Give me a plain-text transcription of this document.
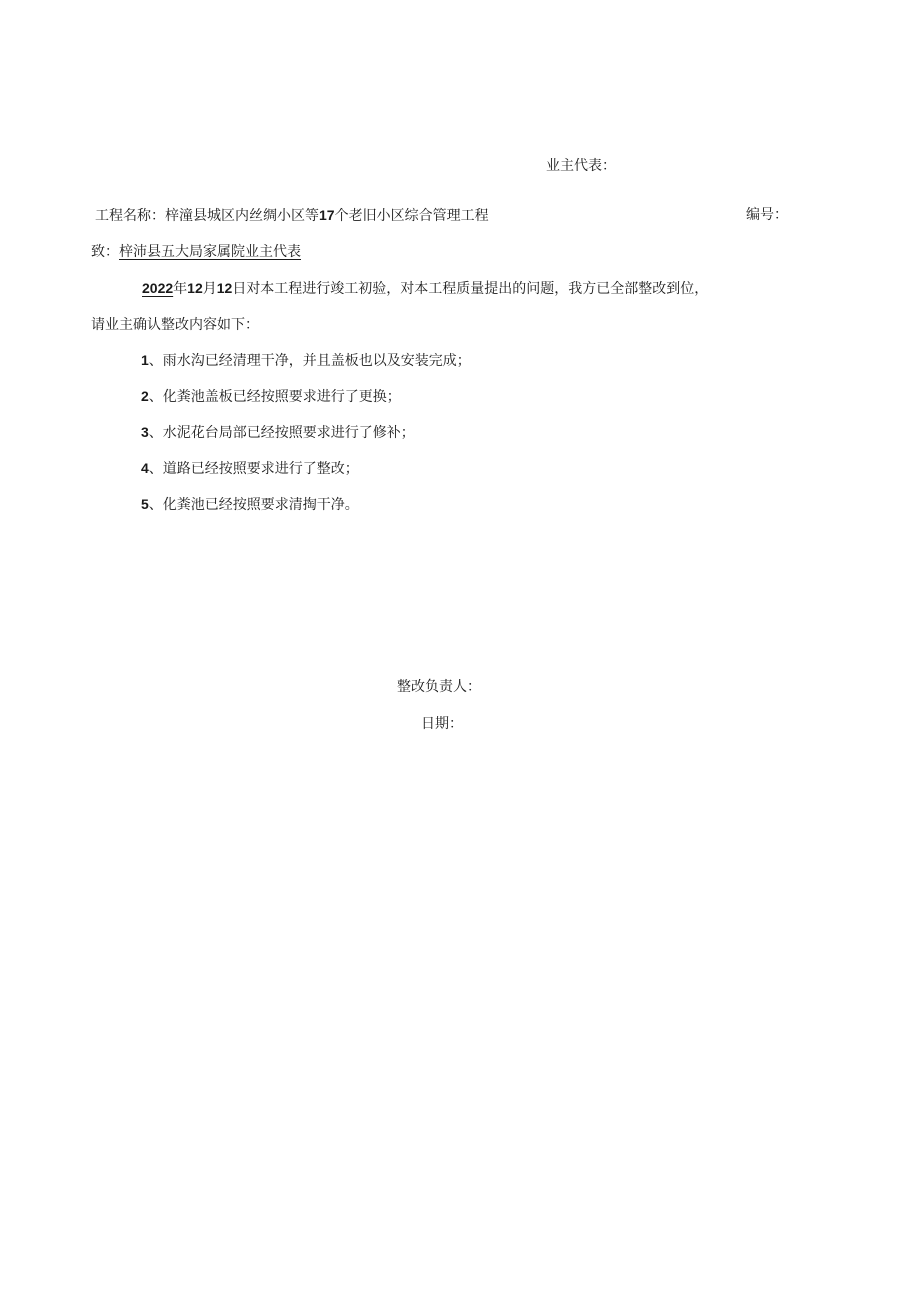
业主代表：
工程名称：梓潼县城区内丝绸小区等17个老旧小区综合管理工程	编号：
致：梓沛县五大局家属院业主代表
2022年12月12日对本工程进行竣工初验，对本工程质量提出的问题，我方已全部整改到位，
请业主确认整改内容如下：
1、雨水沟已经清理干净，并且盖板也以及安装完成；
2、化粪池盖板已经按照要求进行了更换；
3、水泥花台局部已经按照要求进行了修补；
4、道路已经按照要求进行了整改；
5、化粪池已经按照要求清掏干净。
整改负责人：
日期：
